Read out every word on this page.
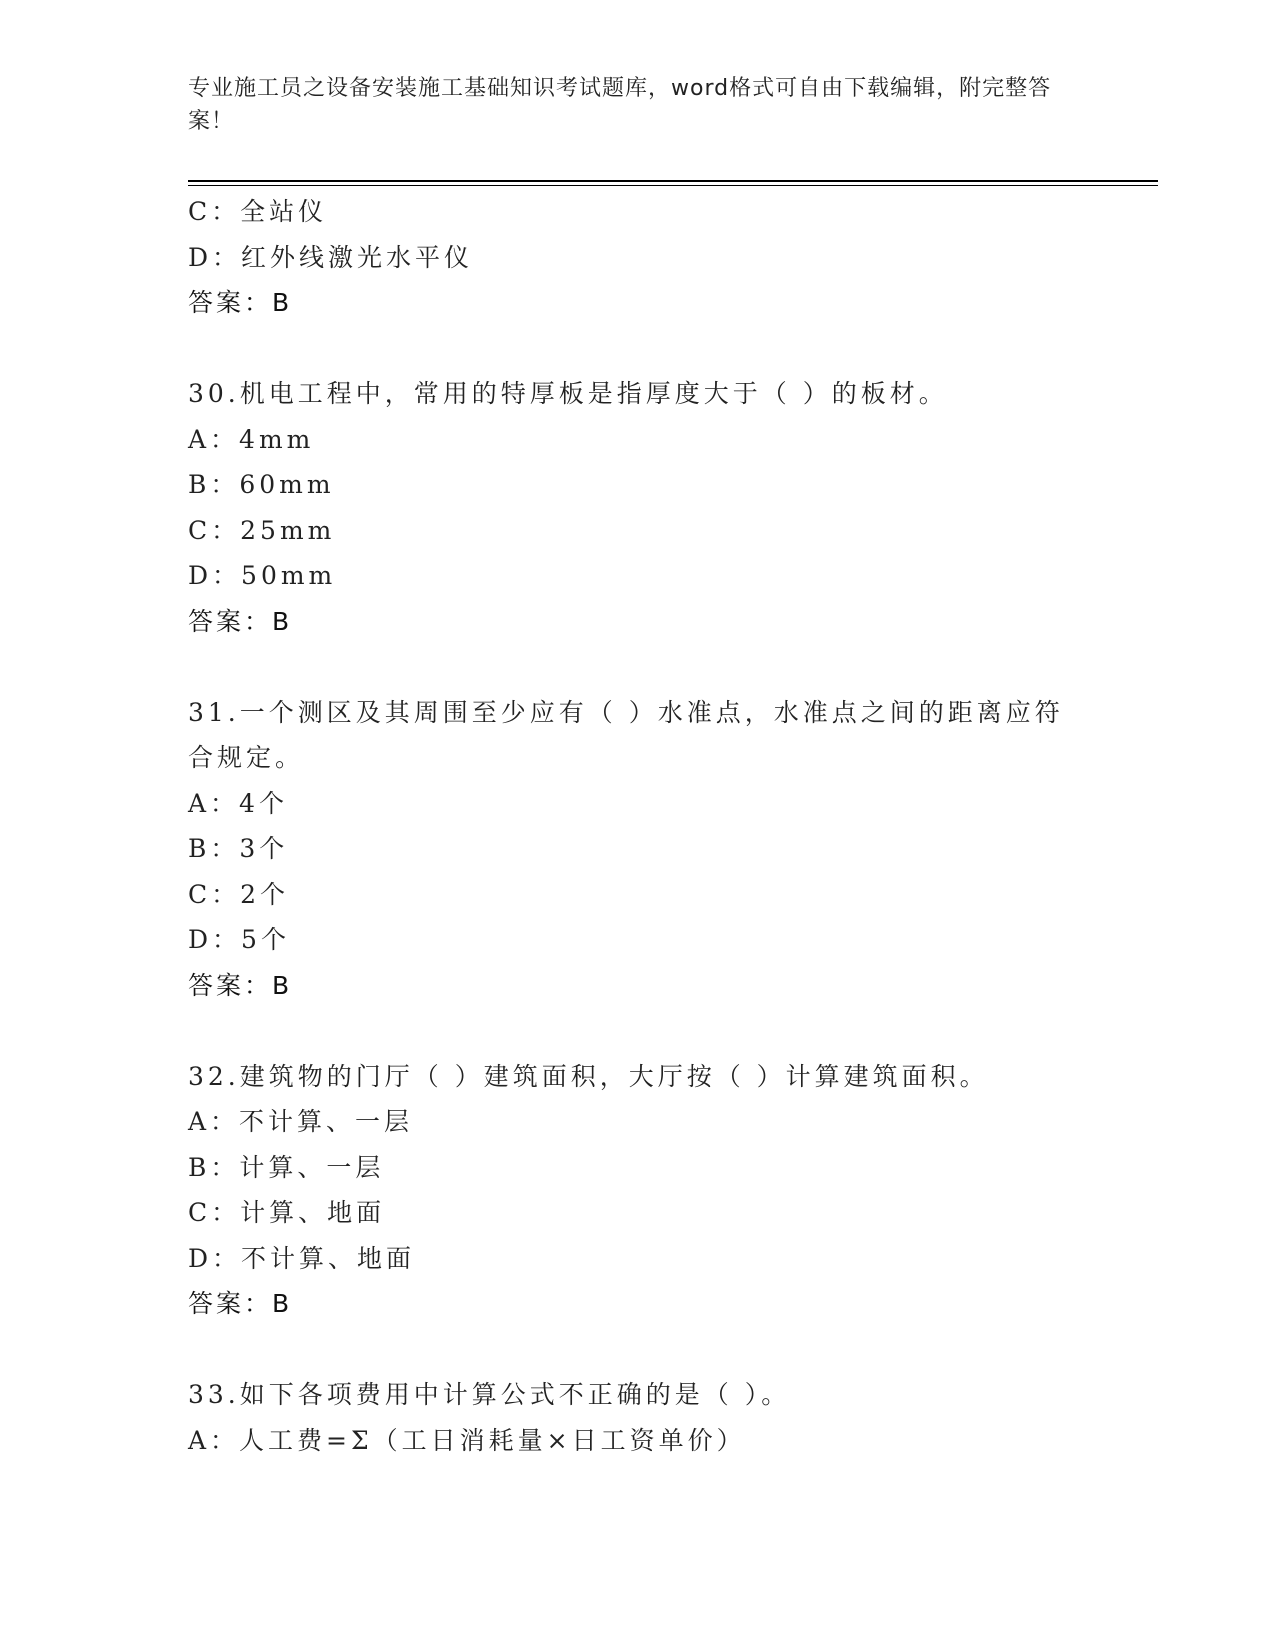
专业施工员之设备安装施工基础知识考试题库，word格式可自由下载编辑，附完整答案！
C：全站仪
D：红外线激光水平仪
答案：B
30.机电工程中，常用的特厚板是指厚度大于（ ）的板材。
A：4mm
B：60mm
C：25mm
D：50mm
答案：B
31.一个测区及其周围至少应有（ ）水准点，水准点之间的距离应符合规定。
A：4个
B：3个
C：2个
D：5个
答案：B
32.建筑物的门厅（ ）建筑面积，大厅按（ ）计算建筑面积。
A：不计算、一层
B：计算、一层
C：计算、地面
D：不计算、地面
答案：B
33.如下各项费用中计算公式不正确的是（ ）。
A：人工费=Σ（工日消耗量×日工资单价）
